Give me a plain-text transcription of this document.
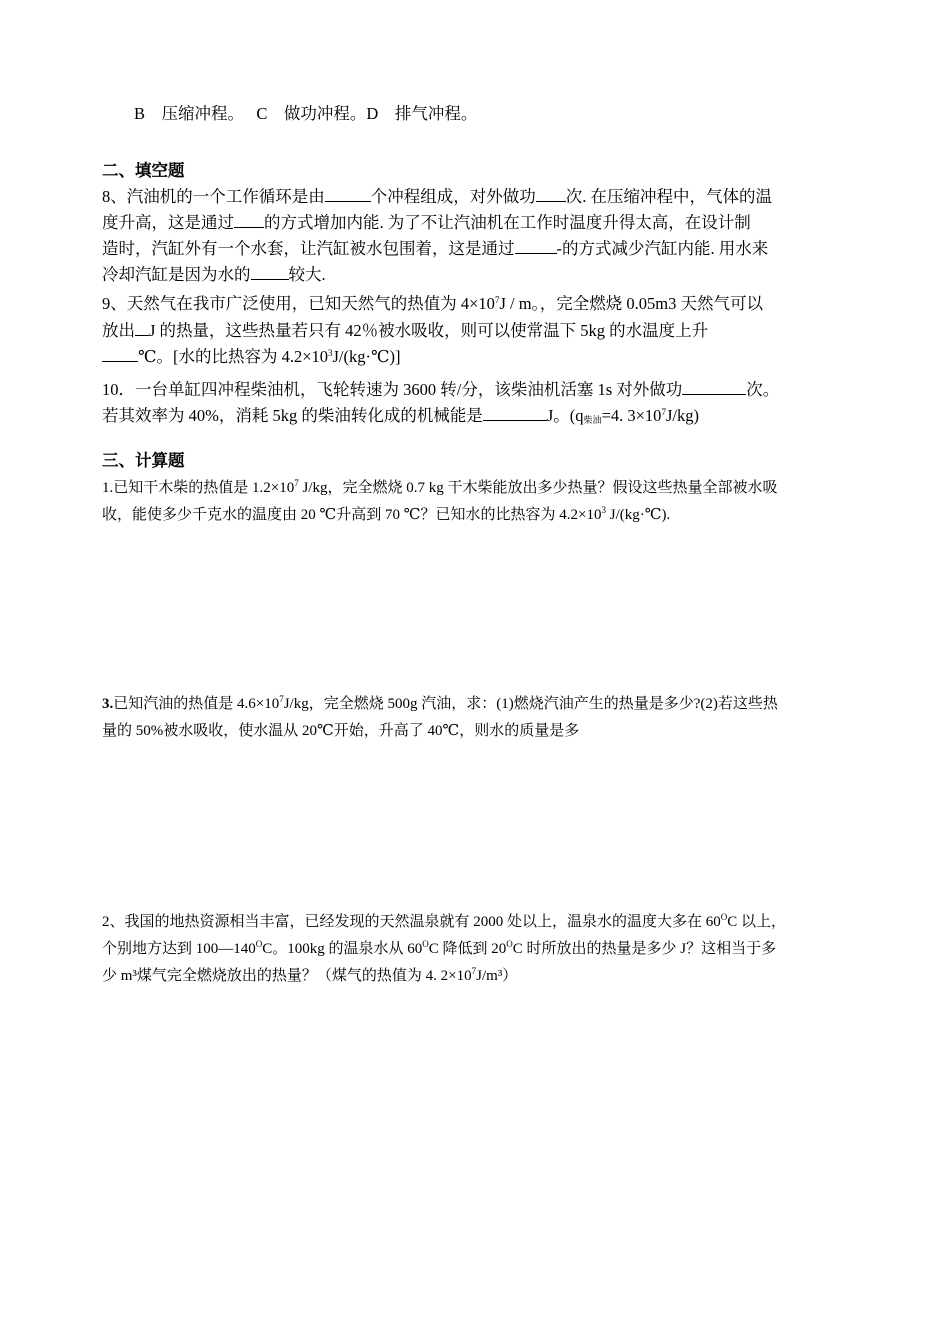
B 压缩冲程。 C 做功冲程。D 排气冲程。
二、填空题
8、汽油机的一个工作循环是由	个冲程组成，对外做功 次. 在压缩冲程中，气体的温
度升高，这是通过 的方式增加内能. 为了不让汽油机在工作时温度升得太高，在设计制
造时，汽缸外有一个水套，让汽缸被水包围着，这是通过	-的方式减少汽缸内能. 用水来
冷却汽缸是因为水的 较大.
9、天然气在我市广泛使用，已知天然气的热值为 $4\times 10^7J / m$。，完全燃烧 0.05m3 天然气可以
放出 J 的热量，这些热量若只有 42％被水吸收，则可以使常温下 5kg 的水温度上升
℃。[水的比热容为 $4.2\times 10^3J/(kg\cdot℃)$]
10．一台单缸四冲程柴油机，飞轮转速为 3600 转/分，该柴油机活塞 1s 对外做功	次。
若其效率为 40%，消耗 5kg 的柴油转化成的机械能是	J。($q_{柴油}=4$. $3\times 10^7J/kg$)
三、计算题
1.已知干木柴的热值是 $1.2\times 10^7$ J/kg，完全燃烧 0.7 kg 干木柴能放出多少热量？假设这些热量全部被水吸
收，能使多少千克水的温度由 20 ℃升高到 70 ℃？已知水的比热容为 $4.2\times 10^3$ J/(kg·℃).
3.已知汽油的热值是 $4.6\times 10^7J/kg$，完全燃烧 500g 汽油，求：(1)燃烧汽油产生的热量是多少?(2)若这些热
量的 50%被水吸收，使水温从 20℃开始，升高了 40℃，则水的质量是多
2、我国的地热资源相当丰富，已经发现的天然温泉就有 2000 处以上，温泉水的温度大多在 $60^OC$ 以上，
个别地方达到 $100—140^OC$。100kg 的温泉水从 $60^OC$ 降低到 $20^OC$ 时所放出的热量是多少 J？这相当于多
少 m³煤气完全燃烧放出的热量？（煤气的热值为 4. $2\times 10^7J/m^3$）
